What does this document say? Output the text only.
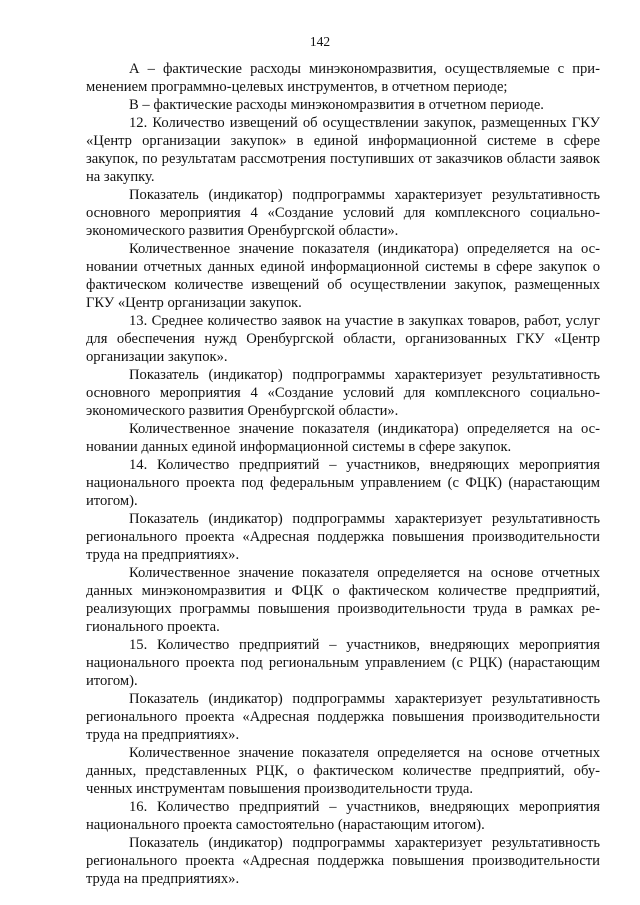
142

А – фактические расходы минэкономразвития, осуществляемые с применением программно-целевых инструментов, в отчетном периоде;

В – фактические расходы минэкономразвития в отчетном периоде.

12. Количество извещений об осуществлении закупок, размещенных ГКУ «Центр организации закупок» в единой информационной системе в сфере закупок, по результатам рассмотрения поступивших от заказчиков области заявок на закупку.

Показатель (индикатор) подпрограммы характеризует результативность основного мероприятия 4 «Создание условий для комплексного социально-экономического развития Оренбургской области».

Количественное значение показателя (индикатора) определяется на основании отчетных данных единой информационной системы в сфере закупок о фактическом количестве извещений об осуществлении закупок, размещенных ГКУ «Центр организации закупок.

13. Среднее количество заявок на участие в закупках товаров, работ, услуг для обеспечения нужд Оренбургской области, организованных ГКУ «Центр организации закупок».

Показатель (индикатор) подпрограммы характеризует результативность основного мероприятия 4 «Создание условий для комплексного социально-экономического развития Оренбургской области».

Количественное значение показателя (индикатора) определяется на основании данных единой информационной системы в сфере закупок.

14. Количество предприятий – участников, внедряющих мероприятия национального проекта под федеральным управлением (с ФЦК) (нарастающим итогом).

Показатель (индикатор) подпрограммы характеризует результативность регионального проекта «Адресная поддержка повышения производительности труда на предприятиях».

Количественное значение показателя определяется на основе отчетных данных минэкономразвития и ФЦК о фактическом количестве предприятий, реализующих программы повышения производительности труда в рамках регионального проекта.

15. Количество предприятий – участников, внедряющих мероприятия национального проекта под региональным управлением (с РЦК) (нарастающим итогом).

Показатель (индикатор) подпрограммы характеризует результативность регионального проекта «Адресная поддержка повышения производительности труда на предприятиях».

Количественное значение показателя определяется на основе отчетных данных, представленных РЦК, о фактическом количестве предприятий, обученных инструментам повышения производительности труда.

16. Количество предприятий – участников, внедряющих мероприятия национального проекта самостоятельно (нарастающим итогом).

Показатель (индикатор) подпрограммы характеризует результативность регионального проекта «Адресная поддержка повышения производительности труда на предприятиях».
